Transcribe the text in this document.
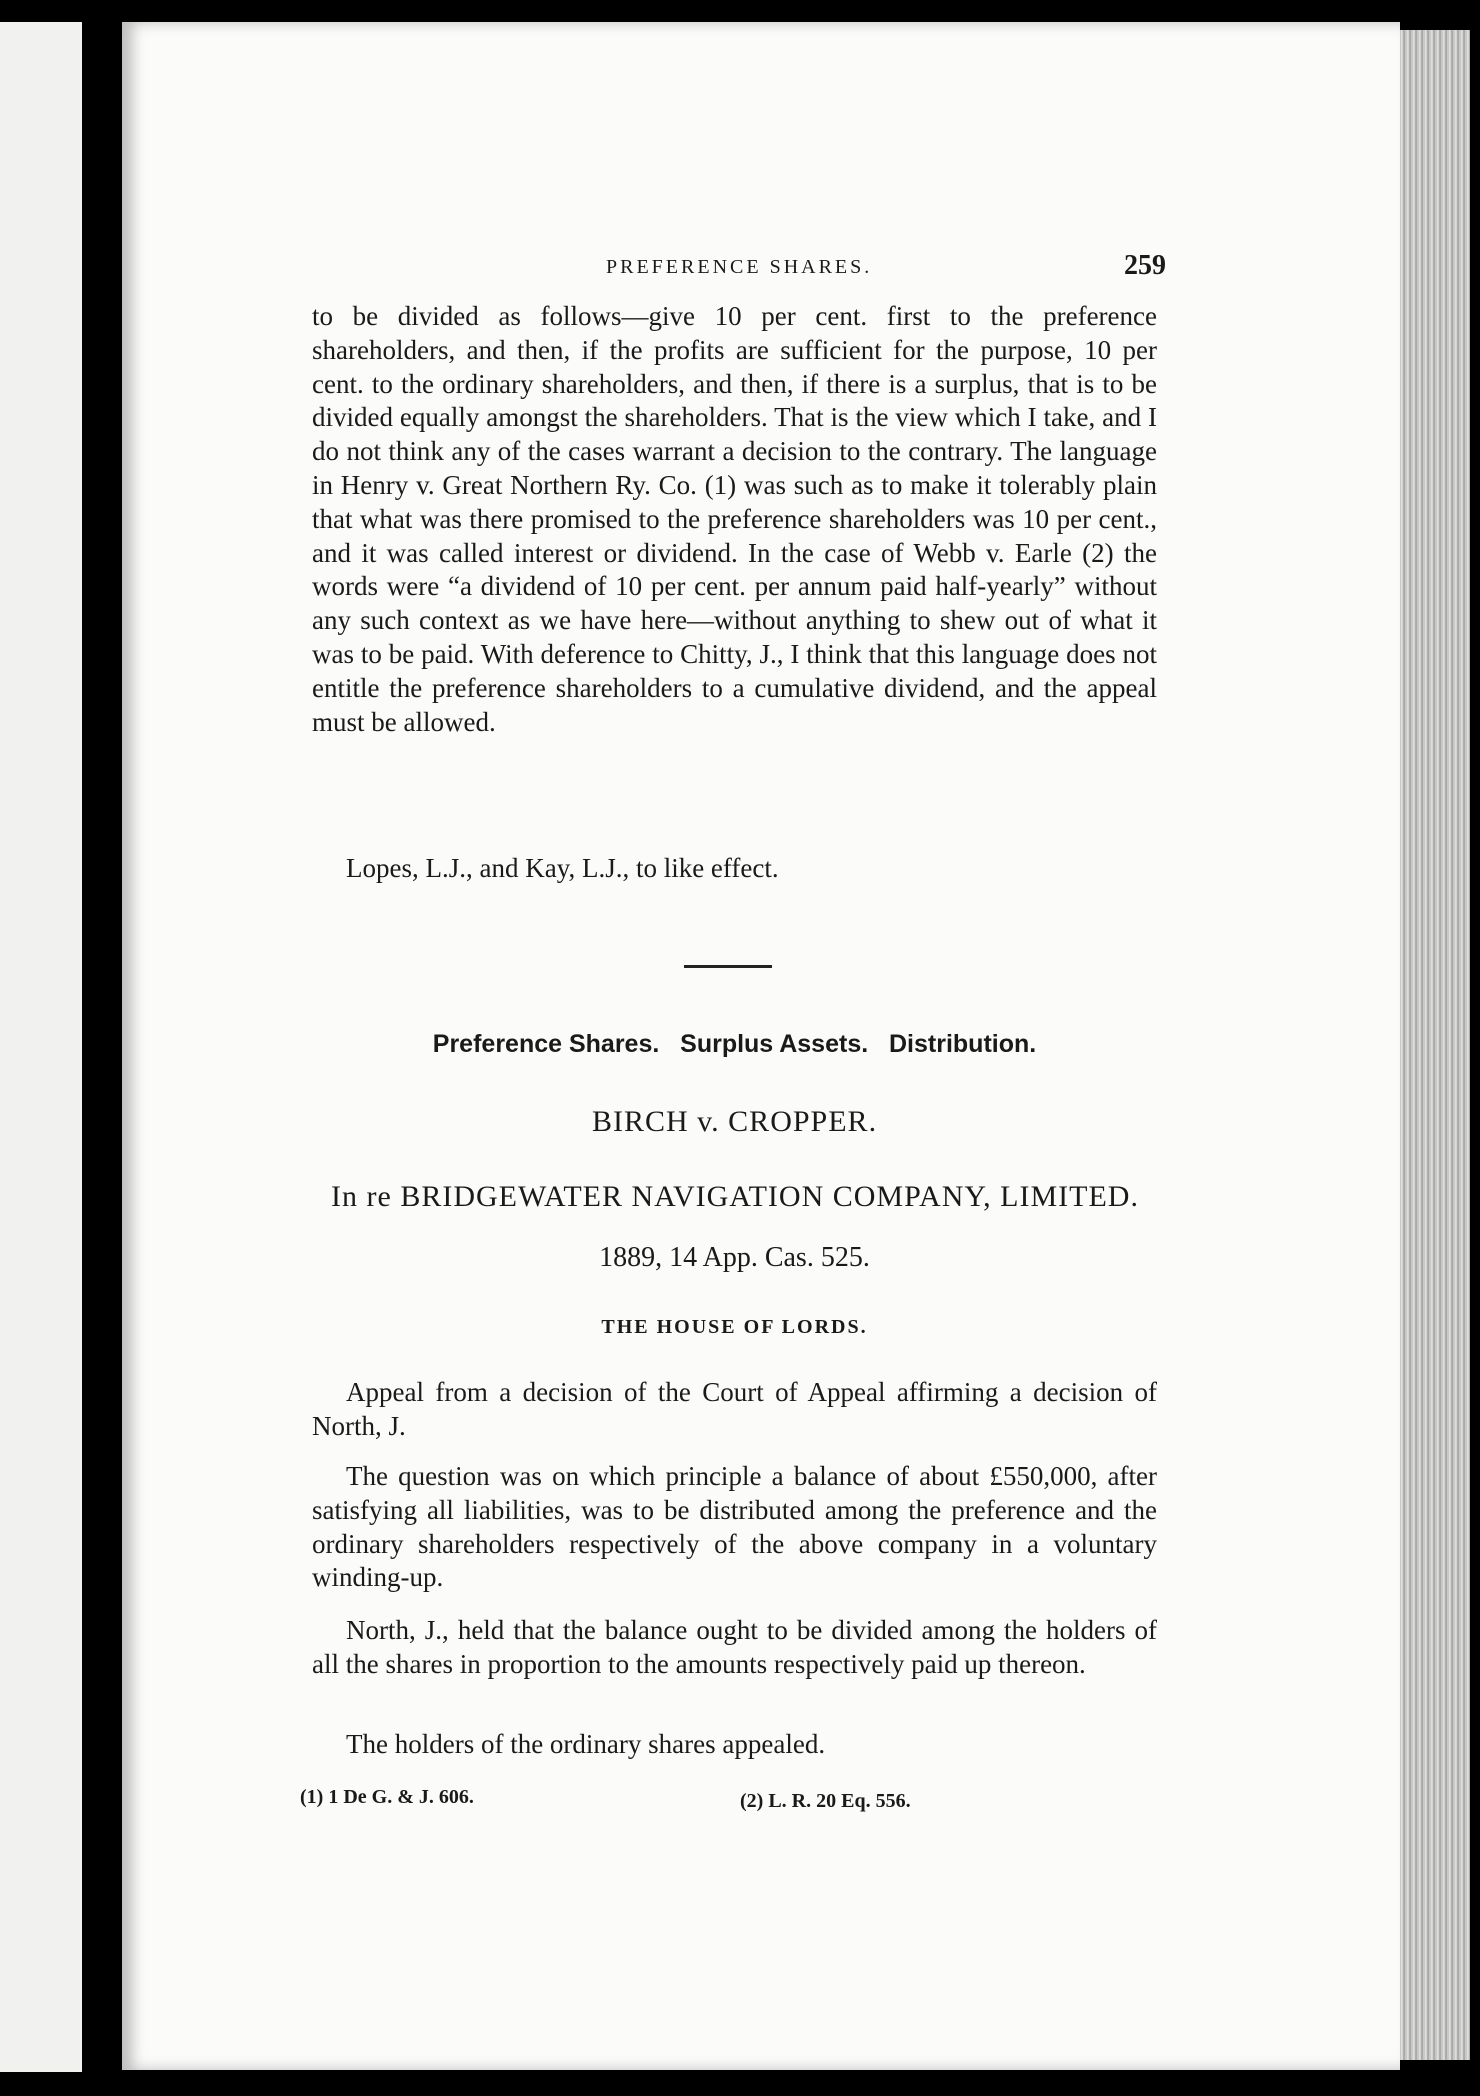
PREFERENCE SHARES.	259

to be divided as follows—give 10 per cent. first to the preference shareholders, and then, if the profits are sufficient for the purpose, 10 per cent. to the ordinary shareholders, and then, if there is a surplus, that is to be divided equally amongst the shareholders. That is the view which I take, and I do not think any of the cases warrant a decision to the contrary. The language in Henry v. Great Northern Ry. Co. (1) was such as to make it tolerably plain that what was there promised to the preference shareholders was 10 per cent., and it was called interest or dividend. In the case of Webb v. Earle (2) the words were “a dividend of 10 per cent. per annum paid half-yearly” without any such context as we have here—without anything to shew out of what it was to be paid. With deference to Chitty, J., I think that this language does not entitle the preference shareholders to a cumulative dividend, and the appeal must be allowed.

Lopes, L.J., and Kay, L.J., to like effect.

Preference Shares.   Surplus Assets.   Distribution.
BIRCH v. CROPPER.
In re BRIDGEWATER NAVIGATION COMPANY, LIMITED.
1889, 14 App. Cas. 525.
THE HOUSE OF LORDS.

Appeal from a decision of the Court of Appeal affirming a decision of North, J.

The question was on which principle a balance of about £550,000, after satisfying all liabilities, was to be distributed among the preference and the ordinary shareholders respectively of the above company in a voluntary winding-up.

North, J., held that the balance ought to be divided among the holders of all the shares in proportion to the amounts respectively paid up thereon.

The holders of the ordinary shares appealed.

(1) 1 De G. & J. 606.	(2) L. R. 20 Eq. 556.
